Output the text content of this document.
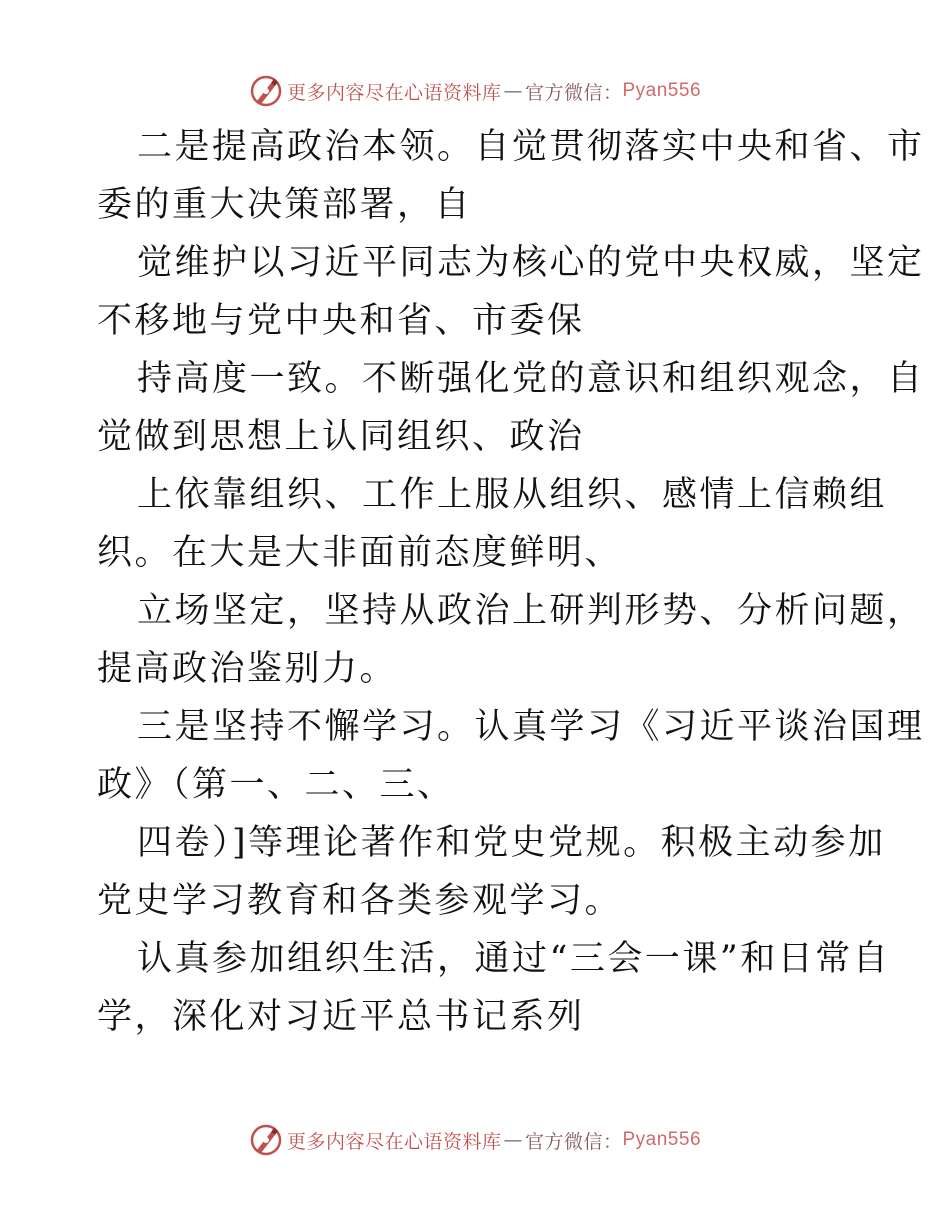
更多内容尽在心语资料库 — 官方微信： Pyan556

二是提高政治本领。自觉贯彻落实中央和省、市

委的重大决策部署，自

觉维护以习近平同志为核心的党中央权威，坚定

不移地与党中央和省、市委保

持高度一致。不断强化党的意识和组织观念，自

觉做到思想上认同组织、政治

上依靠组织、工作上服从组织、感情上信赖组

织。在大是大非面前态度鲜明、

立场坚定，坚持从政治上研判形势、分析问题，

提高政治鉴别力。

三是坚持不懈学习。认真学习《习近平谈治国理

政》（第一、二、三、

四卷）]等理论著作和党史党规。积极主动参加

党史学习教育和各类参观学习。

认真参加组织生活，通过“三会一课”和日常自

学，深化对习近平总书记系列

更多内容尽在心语资料库 — 官方微信： Pyan556
